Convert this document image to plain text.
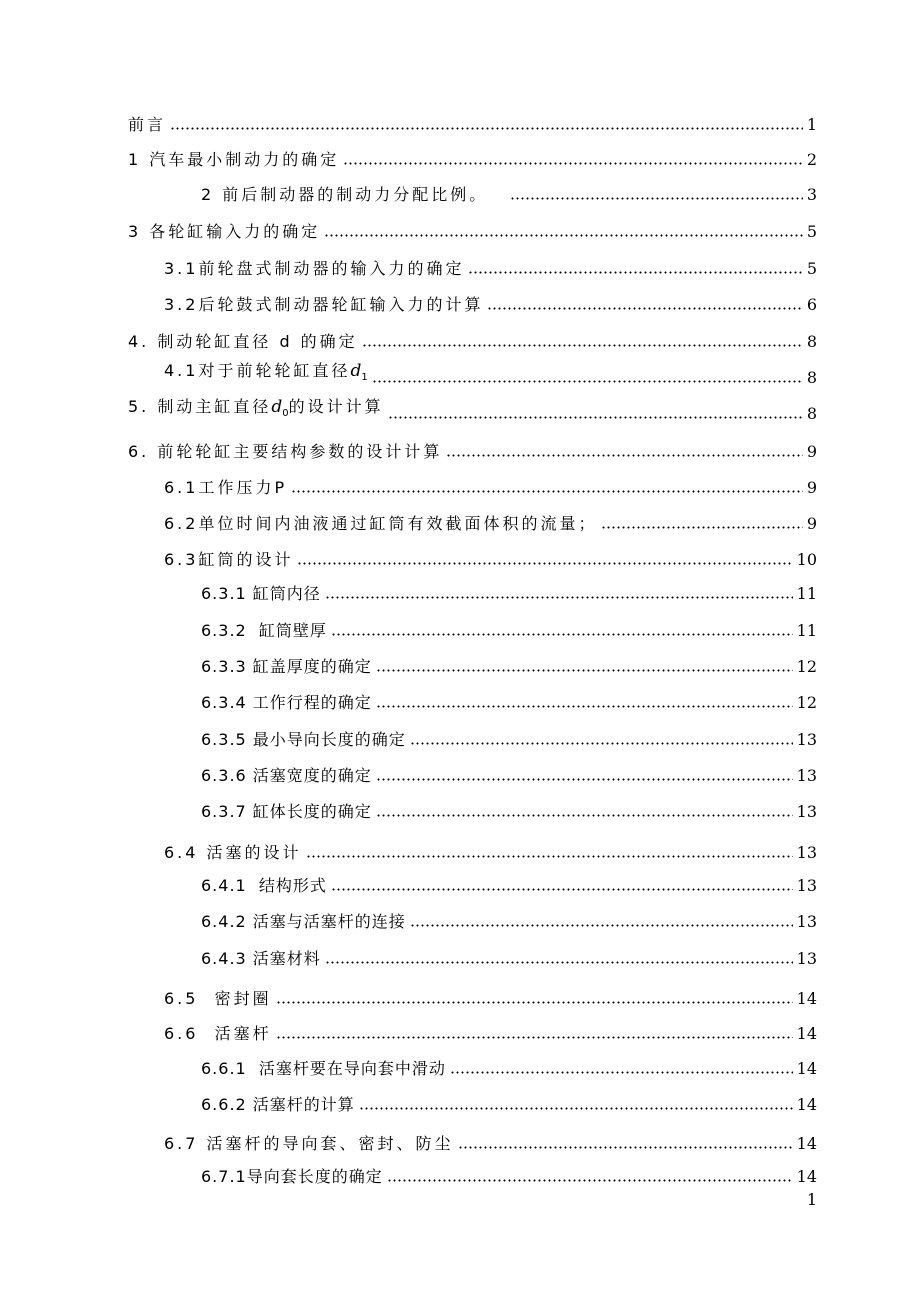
前言	1
1 汽车最小制动力的确定	2
2 前后制动器的制动力分配比例。	3
3 各轮缸输入力的确定	5
3.1前轮盘式制动器的输入力的确定	5
3.2后轮鼓式制动器轮缸输入力的计算	6
4. 制动轮缸直径 d 的确定	8
4.1对于前轮轮缸直径$d_1$	8
5. 制动主缸直径$d_0$的设计计算	8
6. 前轮轮缸主要结构参数的设计计算	9
6.1工作压力P	9
6.2单位时间内油液通过缸筒有效截面体积的流量；	9
6.3缸筒的设计	10
6.3.1 缸筒内径	11
6.3.2  缸筒壁厚	11
6.3.3 缸盖厚度的确定	12
6.3.4 工作行程的确定	12
6.3.5 最小导向长度的确定	13
6.3.6 活塞宽度的确定	13
6.3.7 缸体长度的确定	13
6.4 活塞的设计	13
6.4.1  结构形式	13
6.4.2 活塞与活塞杆的连接	13
6.4.3 活塞材料	13
6.5  密封圈	14
6.6  活塞杆	14
6.6.1  活塞杆要在导向套中滑动	14
6.6.2 活塞杆的计算	14
6.7 活塞杆的导向套、密封、防尘	14
6.7.1导向套长度的确定	14
1
